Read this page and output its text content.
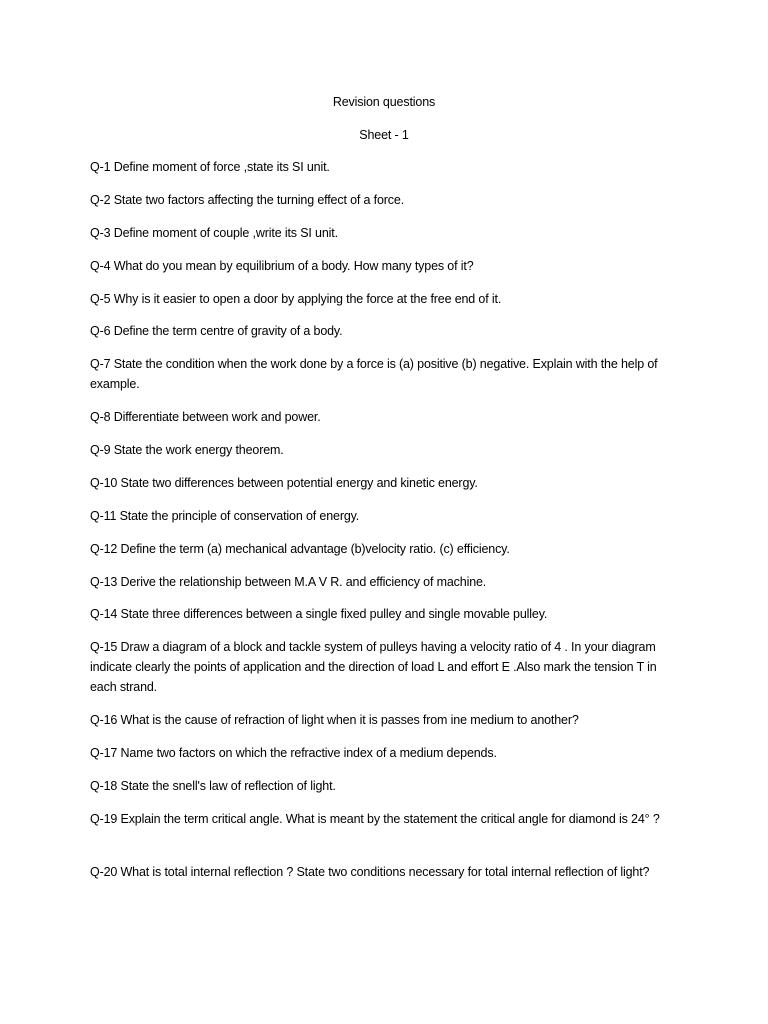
Revision questions
Sheet - 1

Q-1 Define moment of force ,state its SI unit.

Q-2 State two factors affecting the turning effect of a force.

Q-3 Define moment of couple ,write its SI unit.

Q-4 What do you mean by equilibrium of a body. How many types of it?

Q-5 Why is it easier to open a door by applying the force at the free end of it.

Q-6 Define the term centre of gravity of a body.

Q-7 State the condition when the work done by a force is (a) positive (b) negative. Explain with the help of example.

Q-8 Differentiate between work and power.

Q-9 State the work energy theorem.

Q-10 State two differences between potential energy and kinetic energy.

Q-11 State the principle of conservation of energy.

Q-12 Define the term (a) mechanical advantage (b)velocity ratio. (c) efficiency.

Q-13 Derive the relationship between M.A V R. and efficiency of machine.

Q-14 State three differences between a single fixed pulley and single movable pulley.

Q-15 Draw a diagram of a block and tackle system of pulleys having a velocity ratio of 4 . In your diagram indicate clearly the points of application and the direction of load L and effort E .Also mark the tension T in each strand.

Q-16 What is the cause of refraction of light when it is passes from ine medium to another?

Q-17 Name two factors on which the refractive index of a medium depends.

Q-18 State the snell's law of reflection of light.

Q-19 Explain the term critical angle. What is meant by the statement the critical angle for diamond is 24° ?

Q-20 What is total internal reflection ? State two conditions necessary for total internal reflection of light?
